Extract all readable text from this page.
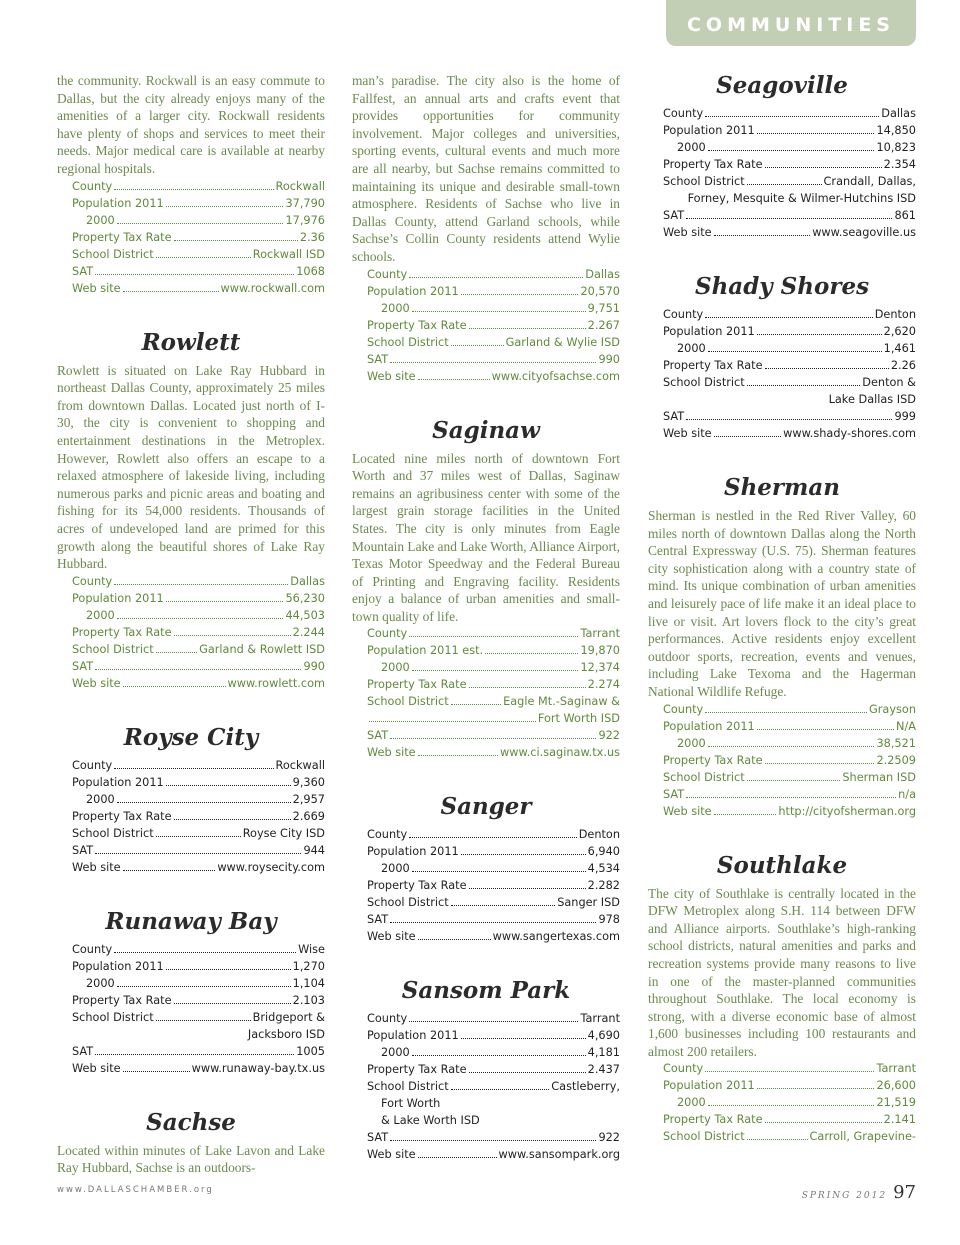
COMMUNITIES

the community. Rockwall is an easy commute to Dallas, but the city already enjoys many of the amenities of a larger city. Rockwall residents have plenty of shops and services to meet their needs. Major medical care is available at nearby regional hospitals.

County	Rockwall
Population 2011	37,790
2000	17,976
Property Tax Rate	2.36
School District	Rockwall ISD
SAT	1068
Web site	www.rockwall.com
Rowlett

Rowlett is situated on Lake Ray Hubbard in northeast Dallas County, approximately 25 miles from downtown Dallas. Located just north of I-30, the city is convenient to shopping and entertainment destinations in the Metroplex. However, Rowlett also offers an escape to a relaxed atmosphere of lakeside living, including numerous parks and picnic areas and boating and fishing for its 54,000 residents. Thousands of acres of undeveloped land are primed for this growth along the beautiful shores of Lake Ray Hubbard.

County	Dallas
Population 2011	56,230
2000	44,503
Property Tax Rate	2.244
School District	Garland & Rowlett ISD
SAT	990
Web site	www.rowlett.com
Royse City
County	Rockwall
Population 2011	9,360
2000	2,957
Property Tax Rate	2.669
School District	Royse City ISD
SAT	944
Web site	www.roysecity.com
Runaway Bay
County	Wise
Population 2011	1,270
2000	1,104
Property Tax Rate	2.103
School District	Bridgeport &
Jacksboro ISD
SAT	1005
Web site	www.runaway-bay.tx.us
Sachse

Located within minutes of Lake Lavon and Lake Ray Hubbard, Sachse is an outdoors-

man’s paradise. The city also is the home of Fallfest, an annual arts and crafts event that provides opportunities for community involvement. Major colleges and universities, sporting events, cultural events and much more are all nearby, but Sachse remains committed to maintaining its unique and desirable small-town atmosphere. Residents of Sachse who live in Dallas County, attend Garland schools, while Sachse’s Collin County residents attend Wylie schools.

County	Dallas
Population 2011	20,570
2000	9,751
Property Tax Rate	2.267
School District	Garland & Wylie ISD
SAT	990
Web site	www.cityofsachse.com
Saginaw

Located nine miles north of downtown Fort Worth and 37 miles west of Dallas, Saginaw remains an agribusiness center with some of the largest grain storage facilities in the United States. The city is only minutes from Eagle Mountain Lake and Lake Worth, Alliance Airport, Texas Motor Speedway and the Federal Bureau of Printing and Engraving facility. Residents enjoy a balance of urban amenities and small-town quality of life.

County	Tarrant
Population 2011 est.	19,870
2000	12,374
Property Tax Rate	2.274
School District	Eagle Mt.-Saginaw &
Fort Worth ISD
SAT	922
Web site	www.ci.saginaw.tx.us
Sanger
County	Denton
Population 2011	6,940
2000	4,534
Property Tax Rate	2.282
School District	Sanger ISD
SAT	978
Web site	www.sangertexas.com
Sansom Park
County	Tarrant
Population 2011	4,690
2000	4,181
Property Tax Rate	2.437
School District	Castleberry,
Fort Worth
& Lake Worth ISD
SAT	922
Web site	www.sansompark.org
Seagoville
County	Dallas
Population 2011	14,850
2000	10,823
Property Tax Rate	2.354
School District	Crandall, Dallas,
Forney, Mesquite & Wilmer-Hutchins ISD
SAT	861
Web site	www.seagoville.us
Shady Shores
County	Denton
Population 2011	2,620
2000	1,461
Property Tax Rate	2.26
School District	Denton &
Lake Dallas ISD
SAT	999
Web site	www.shady-shores.com
Sherman

Sherman is nestled in the Red River Valley, 60 miles north of downtown Dallas along the North Central Expressway (U.S. 75). Sherman features city sophistication along with a country state of mind. Its unique combination of urban amenities and leisurely pace of life make it an ideal place to live or visit. Art lovers flock to the city’s great performances. Active residents enjoy excellent outdoor sports, recreation, events and venues, including Lake Texoma and the Hagerman National Wildlife Refuge.

County	Grayson
Population 2011	N/A
2000	38,521
Property Tax Rate	2.2509
School District	Sherman ISD
SAT	n/a
Web site	http://cityofsherman.org
Southlake

The city of Southlake is centrally located in the DFW Metroplex along S.H. 114 between DFW and Alliance airports. Southlake’s high-ranking school districts, natural amenities and parks and recreation systems provide many reasons to live in one of the master-planned communities throughout Southlake. The local economy is strong, with a diverse economic base of almost 1,600 businesses including 100 restaurants and almost 200 retailers.

County	Tarrant
Population 2011	26,600
2000	21,519
Property Tax Rate	2.141
School District	Carroll, Grapevine-
www.DALLASCHAMBER.org
SPRING 2012 97
